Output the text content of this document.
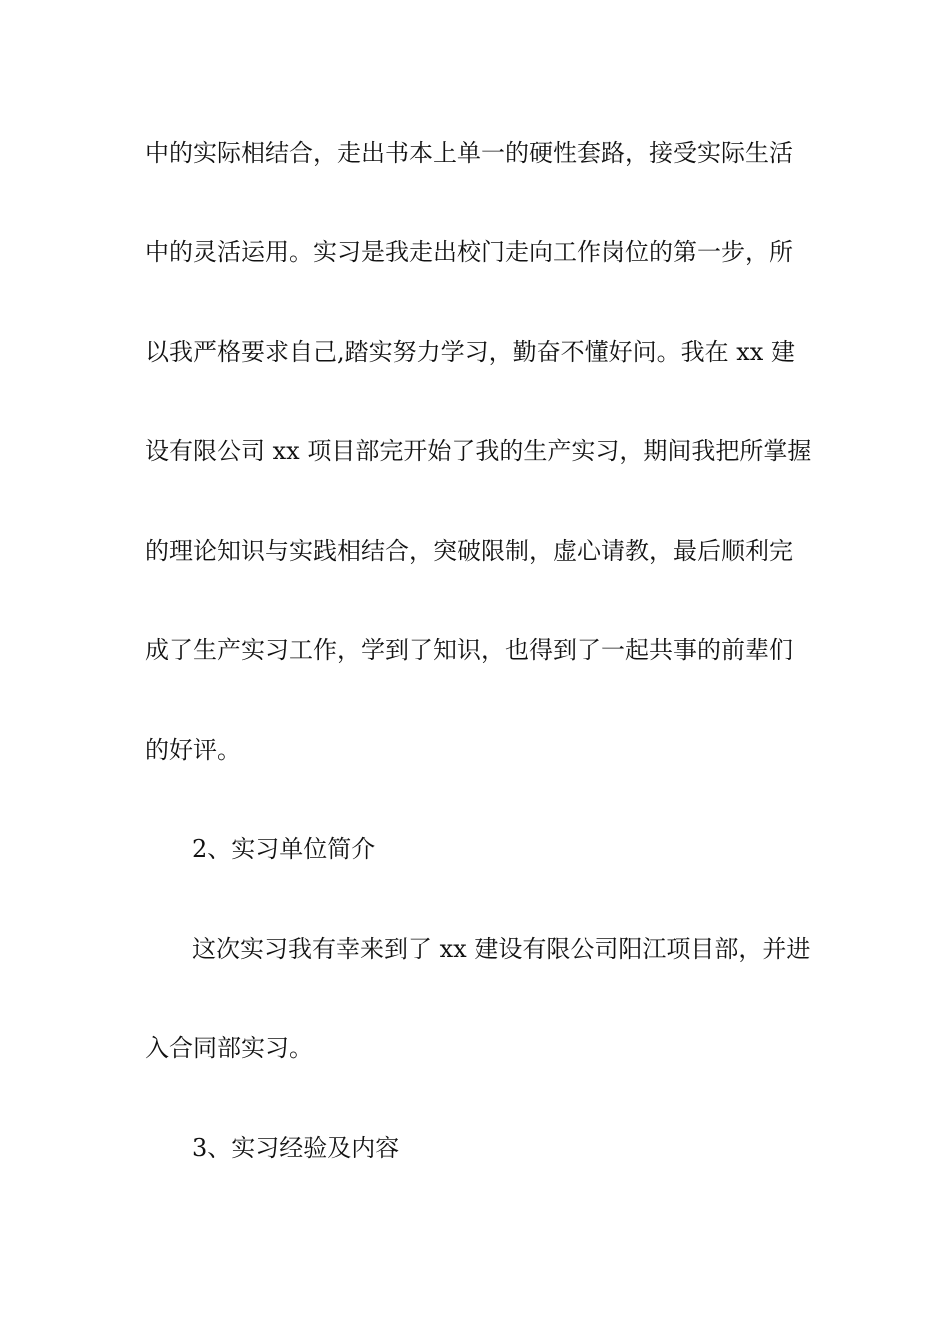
中的实际相结合，走出书本上单一的硬性套路，接受实际生活
中的灵活运用。实习是我走出校门走向工作岗位的第一步，所
以我严格要求自己,踏实努力学习，勤奋不懂好问。我在 xx 建
设有限公司 xx 项目部完开始了我的生产实习，期间我把所掌握
的理论知识与实践相结合，突破限制，虚心请教，最后顺利完
成了生产实习工作，学到了知识，也得到了一起共事的前辈们
的好评。
2、实习单位简介
这次实习我有幸来到了 xx 建设有限公司阳江项目部，并进
入合同部实习。
3、实习经验及内容
